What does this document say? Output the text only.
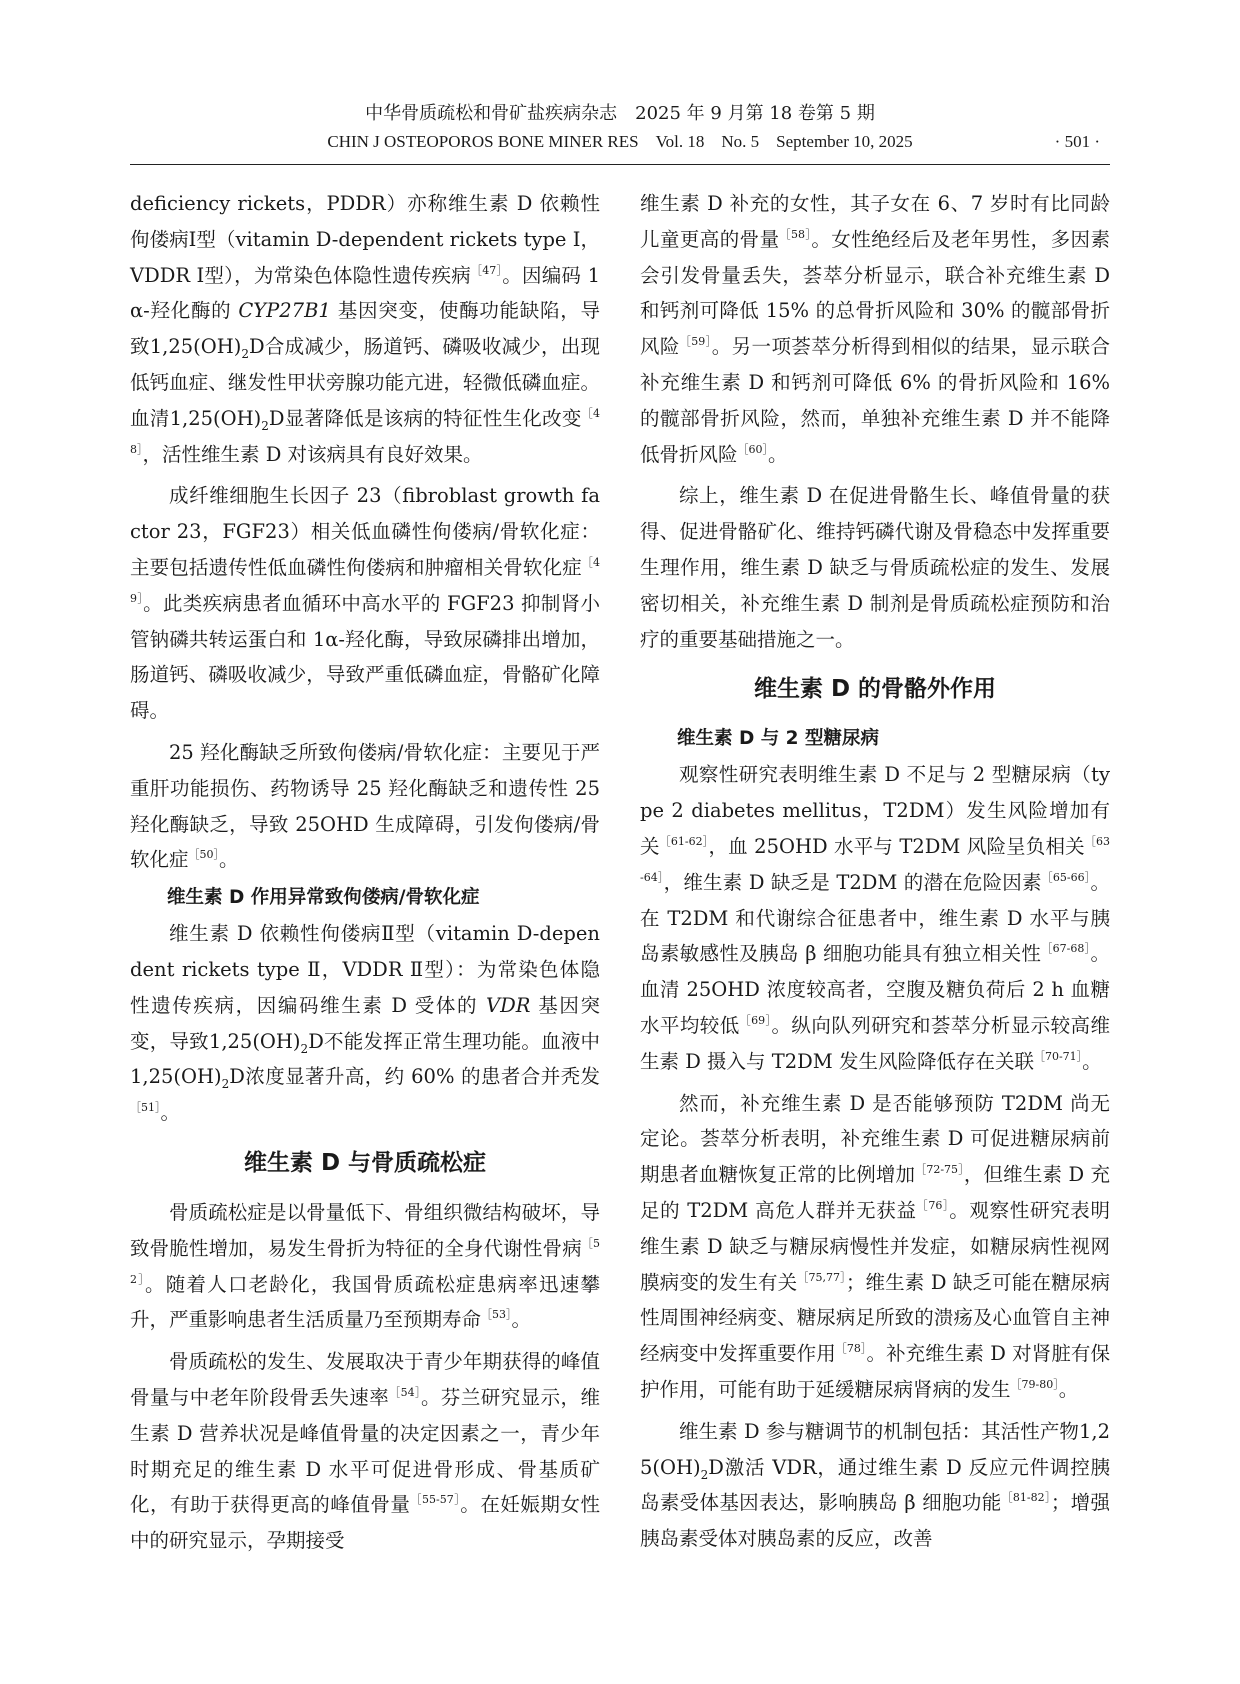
中华骨质疏松和骨矿盐疾病杂志　2025 年 9 月第 18 卷第 5 期
CHIN J OSTEOPOROS BONE MINER RES　Vol. 18　No. 5　September 10, 2025	· 501 ·

deficiency rickets，PDDR）亦称维生素 D 依赖性佝偻病Ⅰ型（vitamin D-dependent rickets type Ⅰ，VDDR Ⅰ型），为常染色体隐性遗传疾病$^{[47]}$。因编码 1α-羟化酶的 CYP27B1 基因突变，使酶功能缺陷，导致$1,25(OH)_2D$合成减少，肠道钙、磷吸收减少，出现低钙血症、继发性甲状旁腺功能亢进，轻微低磷血症。血清$1,25(OH)_2D$显著降低是该病的特征性生化改变$^{[48]}$，活性维生素 D 对该病具有良好效果。

成纤维细胞生长因子 23（fibroblast growth factor 23，FGF23）相关低血磷性佝偻病/骨软化症：主要包括遗传性低血磷性佝偻病和肿瘤相关骨软化症$^{[49]}$。此类疾病患者血循环中高水平的 FGF23 抑制肾小管钠磷共转运蛋白和 1α-羟化酶，导致尿磷排出增加，肠道钙、磷吸收减少，导致严重低磷血症，骨骼矿化障碍。

25 羟化酶缺乏所致佝偻病/骨软化症：主要见于严重肝功能损伤、药物诱导 25 羟化酶缺乏和遗传性 25 羟化酶缺乏，导致 25OHD 生成障碍，引发佝偻病/骨软化症$^{[50]}$。

维生素 D 作用异常致佝偻病/骨软化症

维生素 D 依赖性佝偻病Ⅱ型（vitamin D-dependent rickets type Ⅱ，VDDR Ⅱ型）：为常染色体隐性遗传疾病，因编码维生素 D 受体的 VDR 基因突变，导致$1,25(OH)_2D$不能发挥正常生理功能。血液中$1,25(OH)_2D$浓度显著升高，约 60% 的患者合并秃发$^{[51]}$。

维生素 D 与骨质疏松症

骨质疏松症是以骨量低下、骨组织微结构破坏，导致骨脆性增加，易发生骨折为特征的全身代谢性骨病$^{[52]}$。随着人口老龄化，我国骨质疏松症患病率迅速攀升，严重影响患者生活质量乃至预期寿命$^{[53]}$。

骨质疏松的发生、发展取决于青少年期获得的峰值骨量与中老年阶段骨丢失速率$^{[54]}$。芬兰研究显示，维生素 D 营养状况是峰值骨量的决定因素之一，青少年时期充足的维生素 D 水平可促进骨形成、骨基质矿化，有助于获得更高的峰值骨量$^{[55-57]}$。在妊娠期女性中的研究显示，孕期接受

维生素 D 补充的女性，其子女在 6、7 岁时有比同龄儿童更高的骨量$^{[58]}$。女性绝经后及老年男性，多因素会引发骨量丢失，荟萃分析显示，联合补充维生素 D 和钙剂可降低 15% 的总骨折风险和 30% 的髋部骨折风险$^{[59]}$。另一项荟萃分析得到相似的结果，显示联合补充维生素 D 和钙剂可降低 6% 的骨折风险和 16% 的髋部骨折风险，然而，单独补充维生素 D 并不能降低骨折风险$^{[60]}$。

综上，维生素 D 在促进骨骼生长、峰值骨量的获得、促进骨骼矿化、维持钙磷代谢及骨稳态中发挥重要生理作用，维生素 D 缺乏与骨质疏松症的发生、发展密切相关，补充维生素 D 制剂是骨质疏松症预防和治疗的重要基础措施之一。

维生素 D 的骨骼外作用
维生素 D 与 2 型糖尿病

观察性研究表明维生素 D 不足与 2 型糖尿病（type 2 diabetes mellitus，T2DM）发生风险增加有关$^{[61-62]}$，血 25OHD 水平与 T2DM 风险呈负相关$^{[63-64]}$，维生素 D 缺乏是 T2DM 的潜在危险因素$^{[65-66]}$。在 T2DM 和代谢综合征患者中，维生素 D 水平与胰岛素敏感性及胰岛 β 细胞功能具有独立相关性$^{[67-68]}$。血清 25OHD 浓度较高者，空腹及糖负荷后 2 h 血糖水平均较低$^{[69]}$。纵向队列研究和荟萃分析显示较高维生素 D 摄入与 T2DM 发生风险降低存在关联$^{[70-71]}$。

然而，补充维生素 D 是否能够预防 T2DM 尚无定论。荟萃分析表明，补充维生素 D 可促进糖尿病前期患者血糖恢复正常的比例增加$^{[72-75]}$，但维生素 D 充足的 T2DM 高危人群并无获益$^{[76]}$。观察性研究表明维生素 D 缺乏与糖尿病慢性并发症，如糖尿病性视网膜病变的发生有关$^{[75,77]}$；维生素 D 缺乏可能在糖尿病性周围神经病变、糖尿病足所致的溃疡及心血管自主神经病变中发挥重要作用$^{[78]}$。补充维生素 D 对肾脏有保护作用，可能有助于延缓糖尿病肾病的发生$^{[79-80]}$。

维生素 D 参与糖调节的机制包括：其活性产物$1,25(OH)_2D$激活 VDR，通过维生素 D 反应元件调控胰岛素受体基因表达，影响胰岛 β 细胞功能$^{[81-82]}$；增强胰岛素受体对胰岛素的反应，改善
